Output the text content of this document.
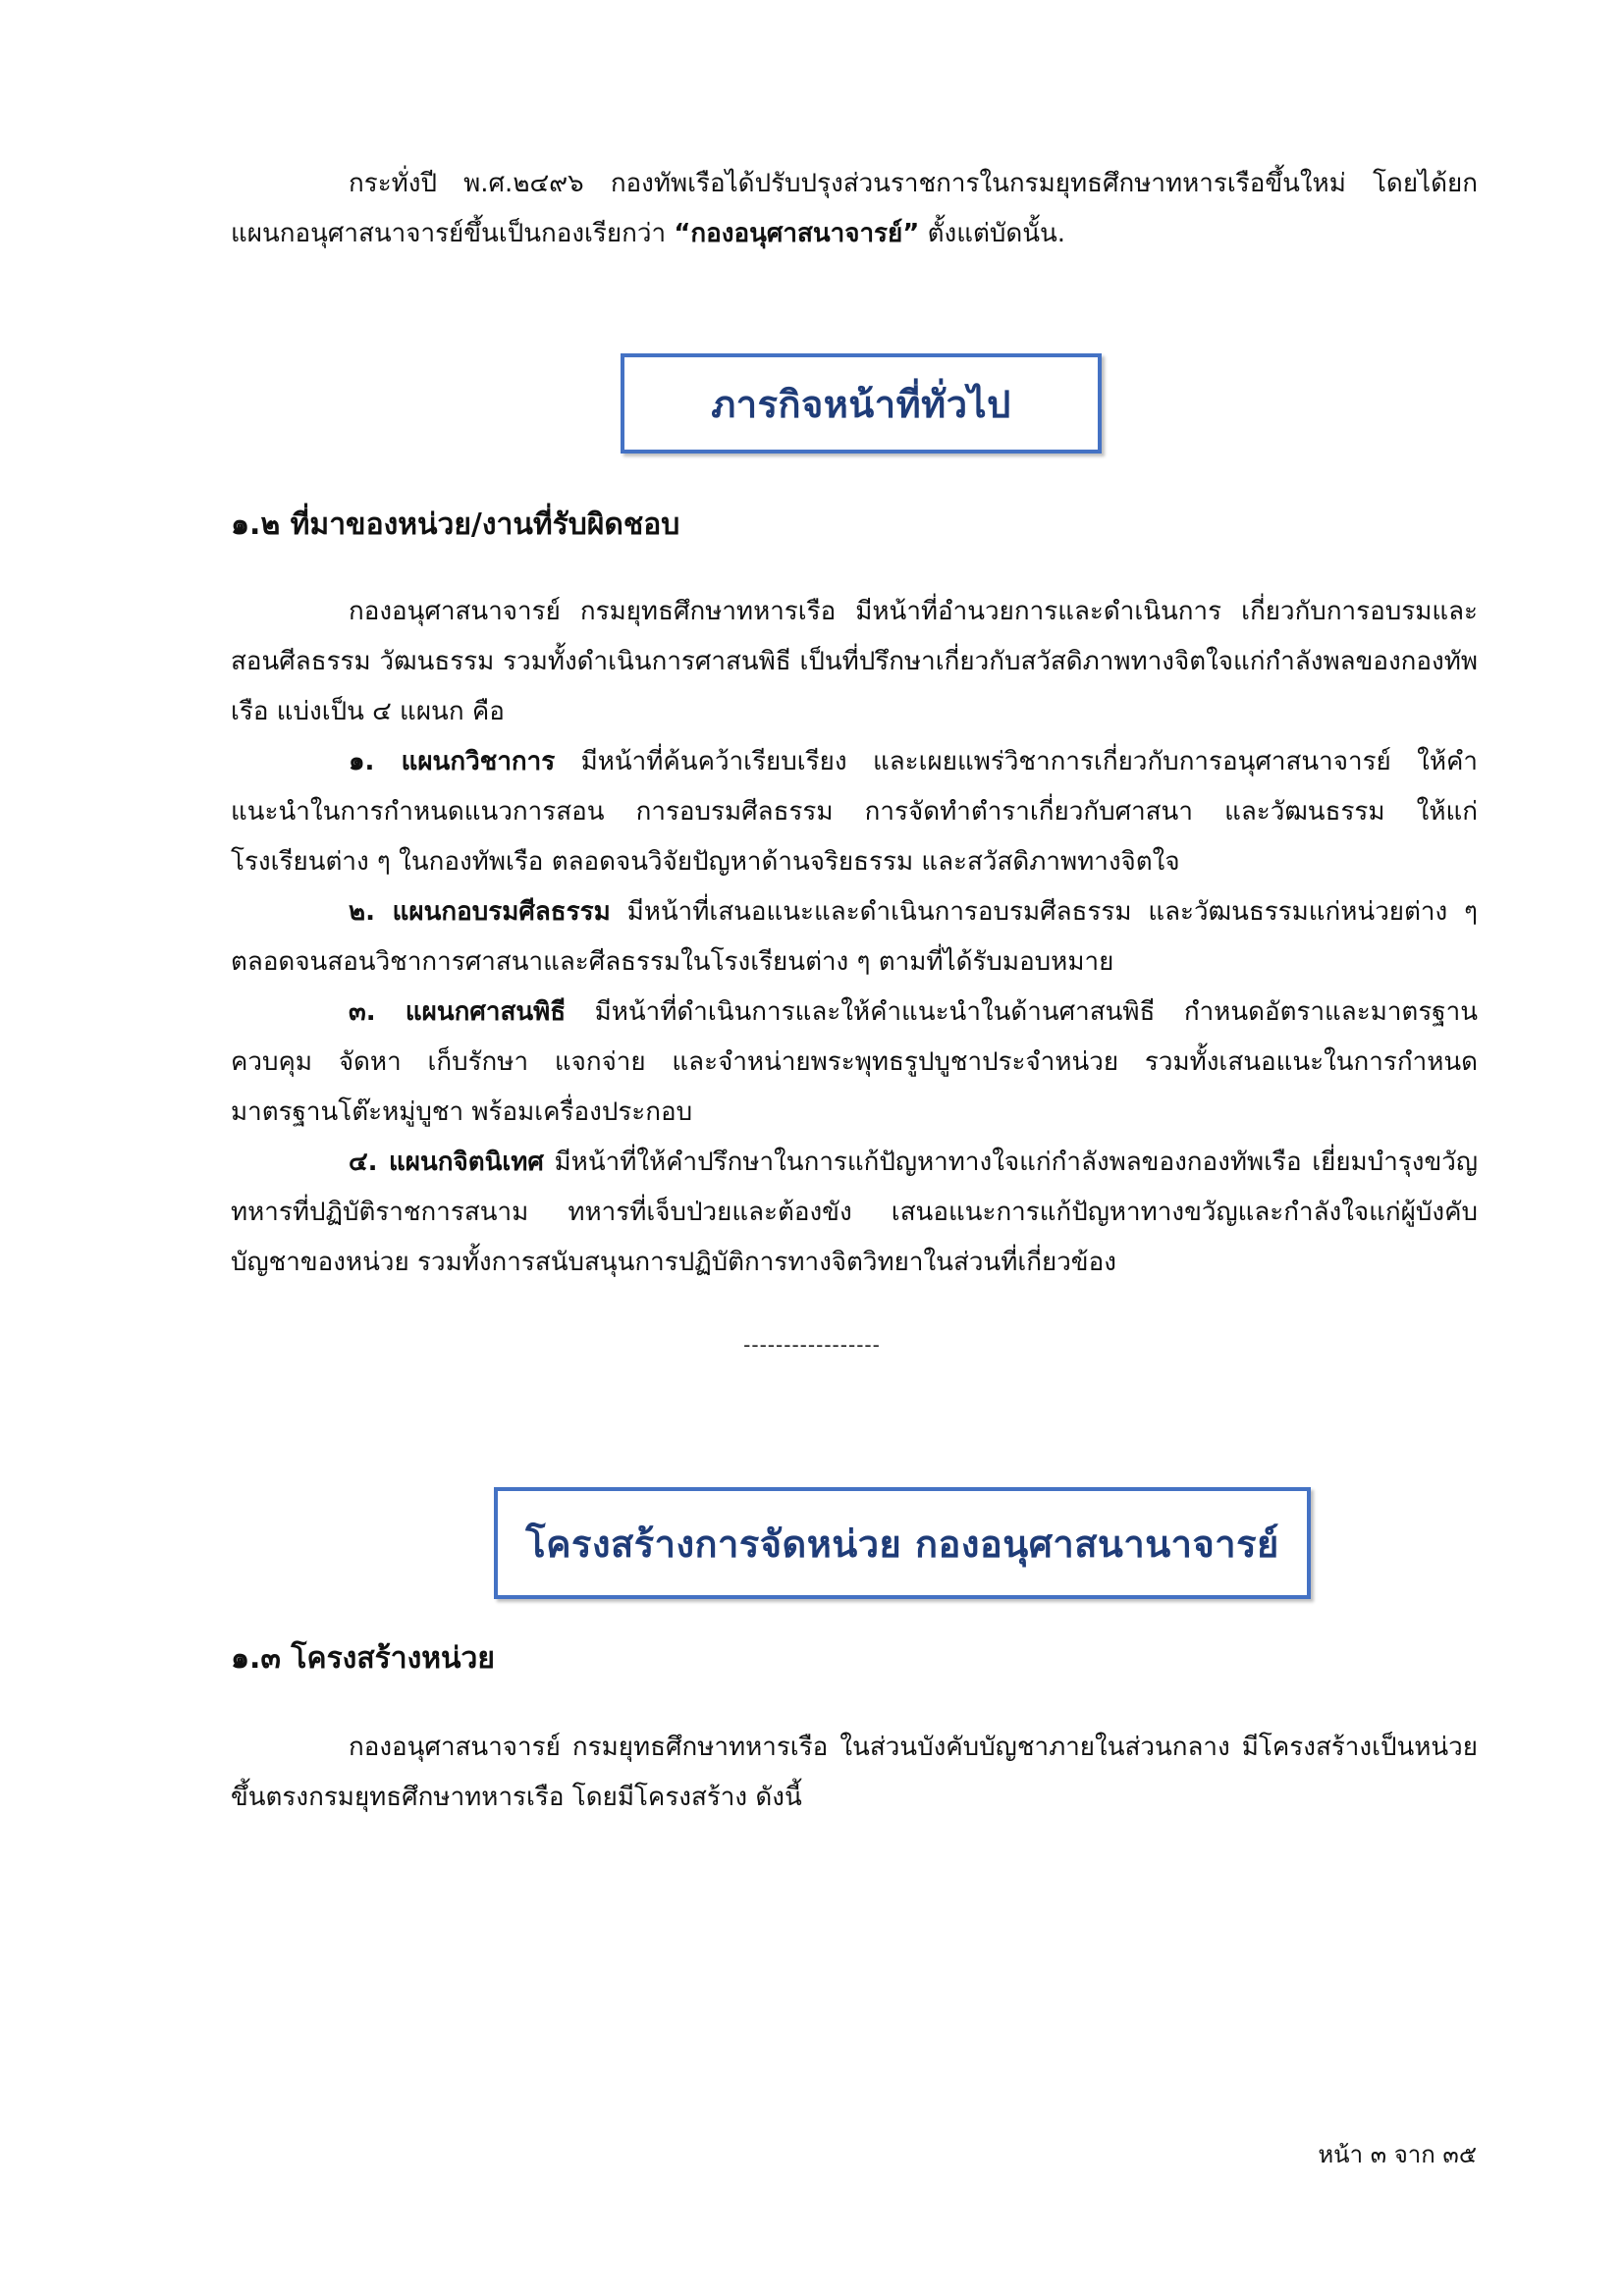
กระทั่งปี พ.ศ.๒๔๙๖ กองทัพเรือได้ปรับปรุงส่วนราชการในกรมยุทธศึกษาทหารเรือขึ้นใหม่ โดยได้ยกแผนกอนุศาสนาจารย์ขึ้นเป็นกองเรียกว่า “กองอนุศาสนาจารย์” ตั้งแต่บัดนั้น.
ภารกิจหน้าที่ทั่วไป
๑.๒ ที่มาของหน่วย/งานที่รับผิดชอบ

กองอนุศาสนาจารย์ กรมยุทธศึกษาทหารเรือ มีหน้าที่อำนวยการและดำเนินการ เกี่ยวกับการอบรมและสอนศีลธรรม วัฒนธรรม รวมทั้งดำเนินการศาสนพิธี เป็นที่ปรึกษาเกี่ยวกับสวัสดิภาพทางจิตใจแก่กำลังพลของกองทัพเรือ แบ่งเป็น ๔ แผนก คือ

๑. แผนกวิชาการ มีหน้าที่ค้นคว้าเรียบเรียง และเผยแพร่วิชาการเกี่ยวกับการอนุศาสนาจารย์ ให้คำแนะนำในการกำหนดแนวการสอน การอบรมศีลธรรม การจัดทำตำราเกี่ยวกับศาสนา และวัฒนธรรม ให้แก่โรงเรียนต่าง ๆ ในกองทัพเรือ ตลอดจนวิจัยปัญหาด้านจริยธรรม และสวัสดิภาพทางจิตใจ

๒. แผนกอบรมศีลธรรม มีหน้าที่เสนอแนะและดำเนินการอบรมศีลธรรม และวัฒนธรรมแก่หน่วยต่าง ๆ ตลอดจนสอนวิชาการศาสนาและศีลธรรมในโรงเรียนต่าง ๆ ตามที่ได้รับมอบหมาย

๓. แผนกศาสนพิธี มีหน้าที่ดำเนินการและให้คำแนะนำในด้านศาสนพิธี กำหนดอัตราและมาตรฐาน ควบคุม จัดหา เก็บรักษา แจกจ่าย และจำหน่ายพระพุทธรูปบูชาประจำหน่วย รวมทั้งเสนอแนะในการกำหนดมาตรฐานโต๊ะหมู่บูชา พร้อมเครื่องประกอบ

๔. แผนกจิตนิเทศ มีหน้าที่ให้คำปรึกษาในการแก้ปัญหาทางใจแก่กำลังพลของกองทัพเรือ เยี่ยมบำรุงขวัญทหารที่ปฏิบัติราชการสนาม ทหารที่เจ็บป่วยและต้องขัง เสนอแนะการแก้ปัญหาทางขวัญและกำลังใจแก่ผู้บังคับบัญชาของหน่วย รวมทั้งการสนับสนุนการปฏิบัติการทางจิตวิทยาในส่วนที่เกี่ยวข้อง

-----------------
โครงสร้างการจัดหน่วย กองอนุศาสนานาจารย์
๑.๓ โครงสร้างหน่วย
กองอนุศาสนาจารย์ กรมยุทธศึกษาทหารเรือ ในส่วนบังคับบัญชาภายในส่วนกลาง มีโครงสร้างเป็นหน่วยขึ้นตรงกรมยุทธศึกษาทหารเรือ โดยมีโครงสร้าง ดังนี้
หน้า ๓ จาก ๓๕
